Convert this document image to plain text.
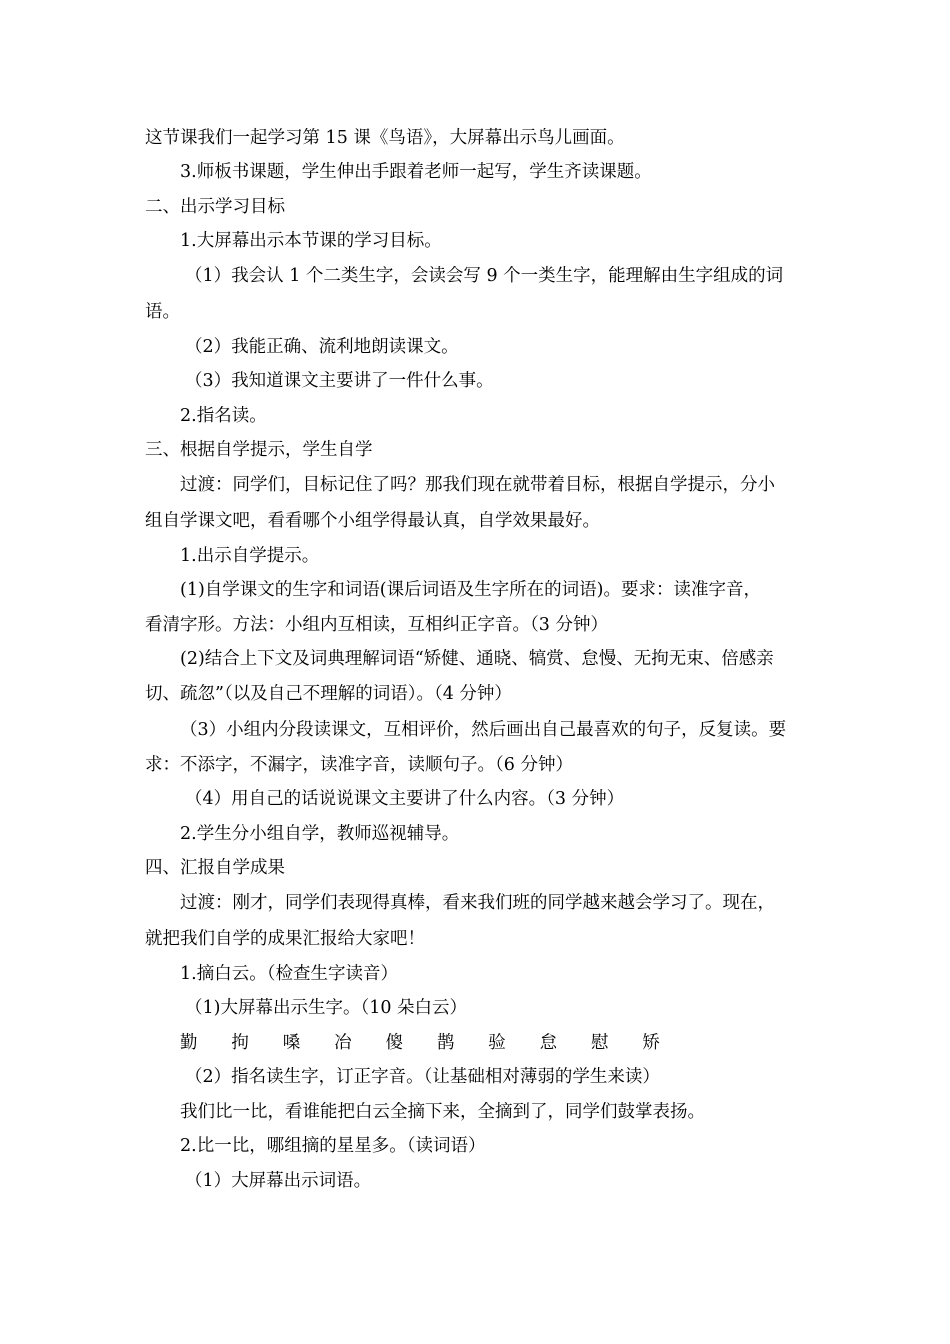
这节课我们一起学习第 15 课《鸟语》，大屏幕出示鸟儿画面。
3.师板书课题，学生伸出手跟着老师一起写，学生齐读课题。
二、出示学习目标
1.大屏幕出示本节课的学习目标。
（1）我会认 1 个二类生字，会读会写 9 个一类生字，能理解由生字组成的词
语。
（2）我能正确、流利地朗读课文。
（3）我知道课文主要讲了一件什么事。
2.指名读。
三、根据自学提示，学生自学
过渡：同学们，目标记住了吗？那我们现在就带着目标，根据自学提示，分小
组自学课文吧，看看哪个小组学得最认真，自学效果最好。
1.出示自学提示。
(1)自学课文的生字和词语(课后词语及生字所在的词语)。要求：读准字音，
看清字形。方法：小组内互相读，互相纠正字音。（3 分钟）
(2)结合上下文及词典理解词语“矫健、通晓、犒赏、怠慢、无拘无束、倍感亲
切、疏忽”（以及自己不理解的词语）。（4 分钟）
（3）小组内分段读课文，互相评价，然后画出自己最喜欢的句子，反复读。要
求：不添字，不漏字，读准字音，读顺句子。（6 分钟）
（4）用自己的话说说课文主要讲了什么内容。（3 分钟）
2.学生分小组自学，教师巡视辅导。
四、汇报自学成果
过渡：刚才，同学们表现得真棒，看来我们班的同学越来越会学习了。现在，
就把我们自学的成果汇报给大家吧！
1.摘白云。（检查生字读音）
（1)大屏幕出示生字。（10 朵白云）
勤 拘 嗓 冶 傻 鹊 验 怠 慰 矫
（2）指名读生字，订正字音。（让基础相对薄弱的学生来读）
我们比一比，看谁能把白云全摘下来，全摘到了，同学们鼓掌表扬。
2.比一比，哪组摘的星星多。（读词语）
（1）大屏幕出示词语。
